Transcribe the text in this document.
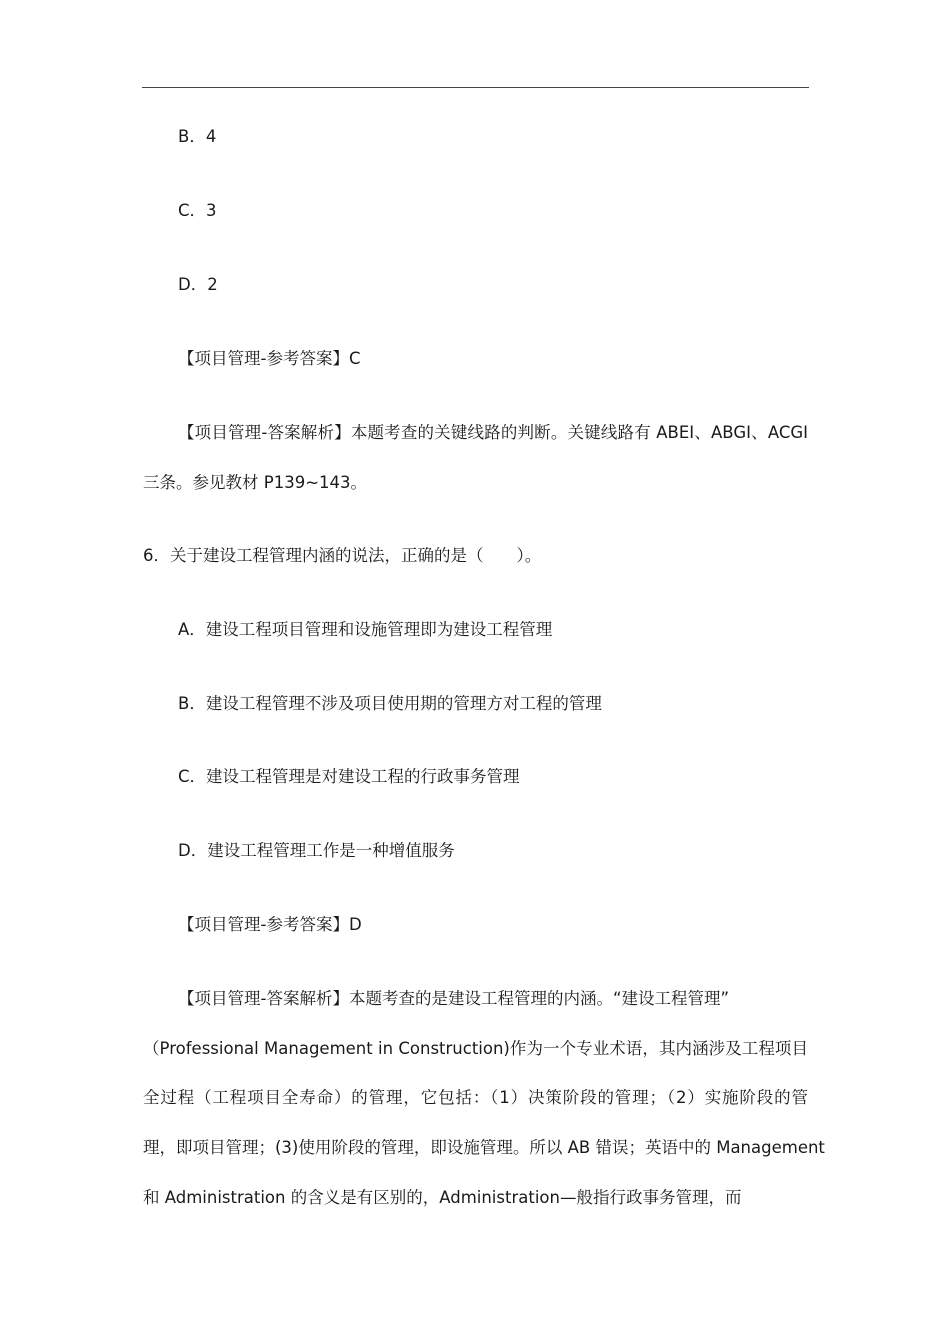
B．4
C．3
D．2
【项目管理-参考答案】C
【项目管理-答案解析】本题考查的关键线路的判断。关键线路有 ABEI、ABGI、ACGI
三条。参见教材 P139~143。
6．关于建设工程管理内涵的说法，正确的是（　　）。
A．建设工程项目管理和设施管理即为建设工程管理
B．建设工程管理不涉及项目使用期的管理方对工程的管理
C．建设工程管理是对建设工程的行政事务管理
D．建设工程管理工作是一种增值服务
【项目管理-参考答案】D
【项目管理-答案解析】本题考查的是建设工程管理的内涵。“建设工程管理”
（Professional Management in Construction)作为一个专业术语，其内涵涉及工程项目
全过程（工程项目全寿命）的管理，它包括：（1）决策阶段的管理；（2）实施阶段的管
理，即项目管理；(3)使用阶段的管理，即设施管理。所以 AB 错误；英语中的 Management
和 Administration 的含义是有区别的，Administration—般指行政事务管理，而
